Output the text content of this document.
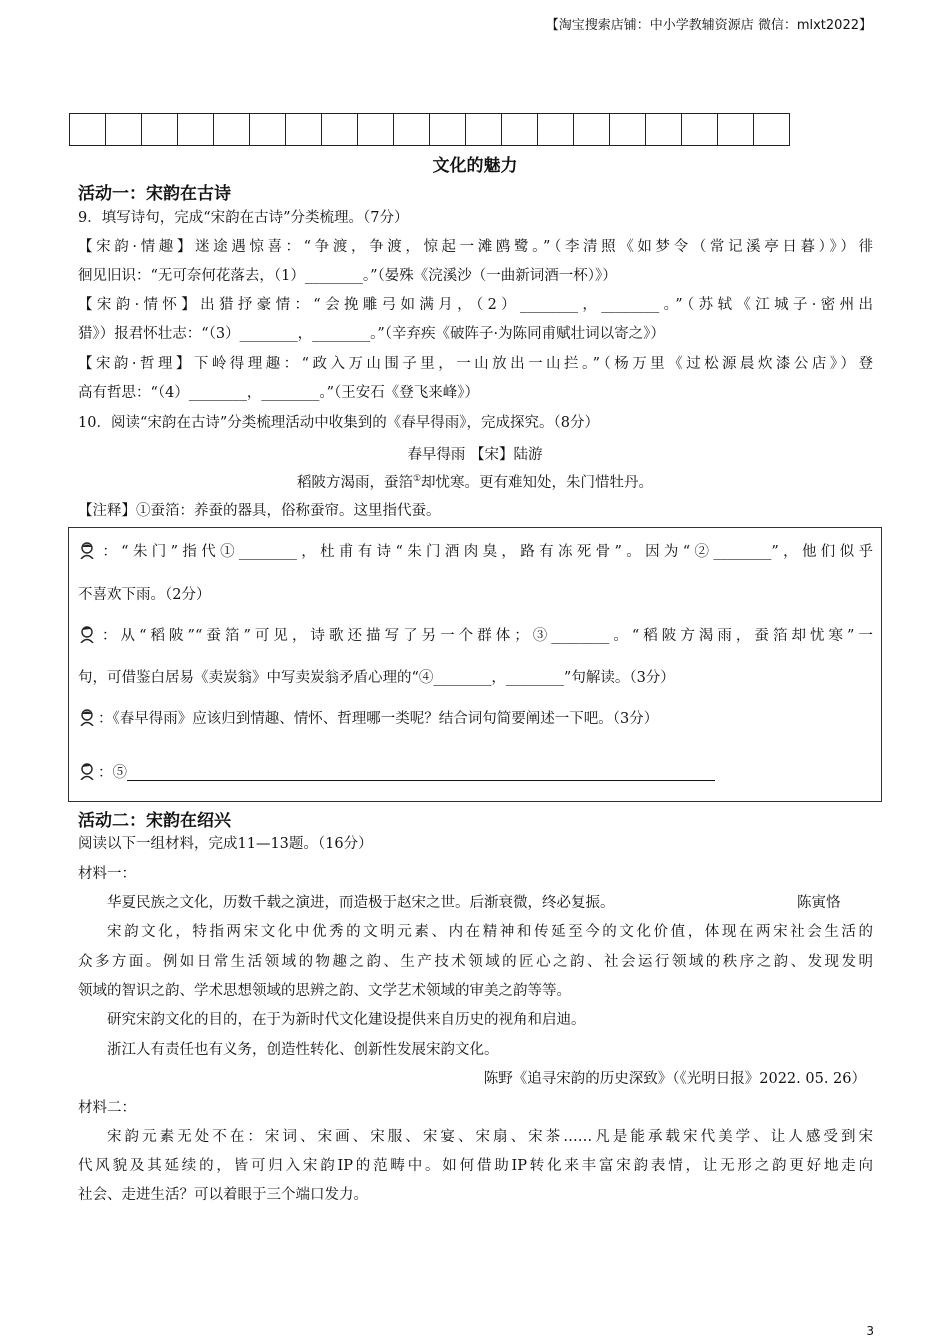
【淘宝搜索店铺：中小学教辅资源店 微信：mlxt2022】
文化的魅力
活动一：宋韵在古诗
9．填写诗句，完成“宋韵在古诗”分类梳理。（7分）
【宋韵·情趣】迷途遇惊喜：“争渡，争渡，惊起一滩鸥鹭。”（李清照《如梦令（常记溪亭日暮）》）徘
徊见旧识：“无可奈何花落去，（1）________。”（晏殊《浣溪沙（一曲新词酒一杯）》）
【宋韵·情怀】出猎抒豪情：“会挽雕弓如满月，（2）________，________。”（苏轼《江城子·密州出
猎》）报君怀壮志：“（3）________，________。”（辛弃疾《破阵子·为陈同甫赋壮词以寄之》）
【宋韵·哲理】下岭得理趣：“政入万山围子里，一山放出一山拦。”（杨万里《过松源晨炊漆公店》）登
高有哲思：“（4）________，________。”（王安石《登飞来峰》）
10．阅读“宋韵在古诗”分类梳理活动中收集到的《春早得雨》，完成探究。（8分）
春早得雨 【宋】陆游
稻陂方渴雨，蚕箔①却忧寒。更有难知处，朱门惜牡丹。
【注释】①蚕箔：养蚕的器具，俗称蚕帘。这里指代蚕。
：“朱门”指代①________，杜甫有诗“朱门酒肉臭，路有冻死骨”。因为“②________”，他们似乎
不喜欢下雨。（2分）
：从“稻陂”“蚕箔”可见，诗歌还描写了另一个群体；③________。“稻陂方渴雨，蚕箔却忧寒”一
句，可借鉴白居易《卖炭翁》中写卖炭翁矛盾心理的“④________，________”句解读。（3分）
：《春早得雨》应该归到情趣、情怀、哲理哪一类呢？结合词句简要阐述一下吧。（3分）
：⑤
活动二：宋韵在绍兴
阅读以下一组材料，完成11—13题。（16分）
材料一：
华夏民族之文化，历数千载之演进，而造极于赵宋之世。后渐衰微，终必复振。	陈寅恪
宋韵文化，特指两宋文化中优秀的文明元素、内在精神和传延至今的文化价值，体现在两宋社会生活的
众多方面。例如日常生活领域的物趣之韵、生产技术领域的匠心之韵、社会运行领域的秩序之韵、发现发明
领域的智识之韵、学术思想领域的思辨之韵、文学艺术领域的审美之韵等等。
研究宋韵文化的目的，在于为新时代文化建设提供来自历史的视角和启迪。
浙江人有责任也有义务，创造性转化、创新性发展宋韵文化。
陈野《追寻宋韵的历史深致》（《光明日报》2022. 05. 26）
材料二：
宋韵元素无处不在：宋词、宋画、宋服、宋宴、宋扇、宋茶……凡是能承载宋代美学、让人感受到宋
代风貌及其延续的，皆可归入宋韵IP的范畴中。如何借助IP转化来丰富宋韵表情，让无形之韵更好地走向
社会、走进生活？可以着眼于三个端口发力。
3
